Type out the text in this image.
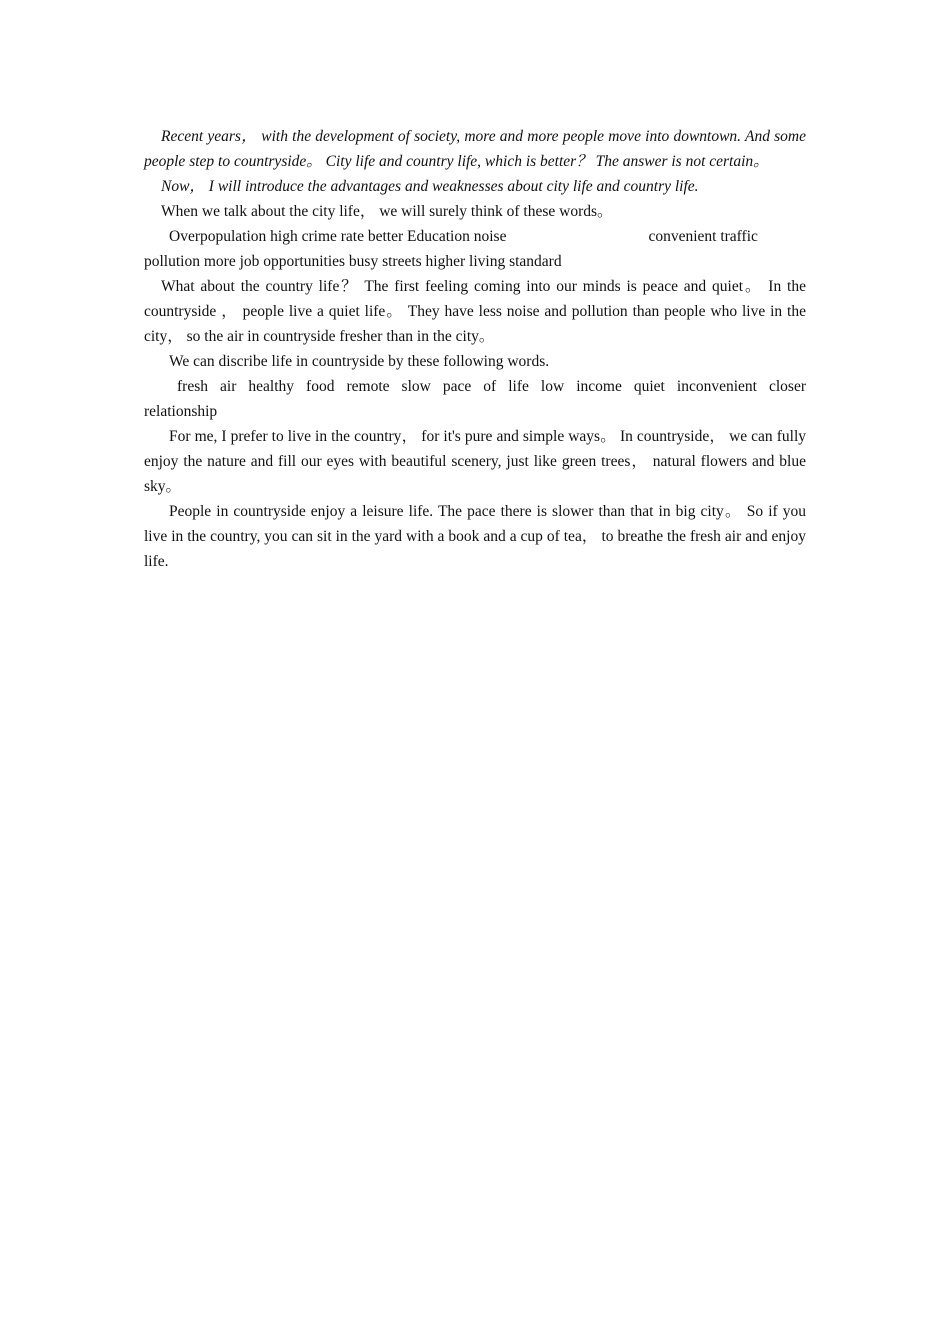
Recent years， with the development of society, more and more people move into downtown. And some people step to countryside。 City life and country life, which is better？ The answer is not certain。

Now， I will introduce the advantages and weaknesses about city life and country life.

When we talk about the city life， we will surely think of these words。

Overpopulation high crime rate better Education noise	convenient traffic
pollution more job opportunities busy streets higher living standard

What about the country life？ The first feeling coming into our minds is peace and quiet。 In the countryside ， people live a quiet life。 They have less noise and pollution than people who live in the city， so the air in countryside fresher than in the city。

We can discribe life in countryside by these following words.

fresh air healthy food remote slow pace of life low income quiet inconvenient closer relationship

For me, I prefer to live in the country， for it's pure and simple ways。 In countryside， we can fully enjoy the nature and fill our eyes with beautiful scenery, just like green trees， natural flowers and blue sky。

People in countryside enjoy a leisure life. The pace there is slower than that in big city。 So if you live in the country, you can sit in the yard with a book and a cup of tea， to breathe the fresh air and enjoy life.
